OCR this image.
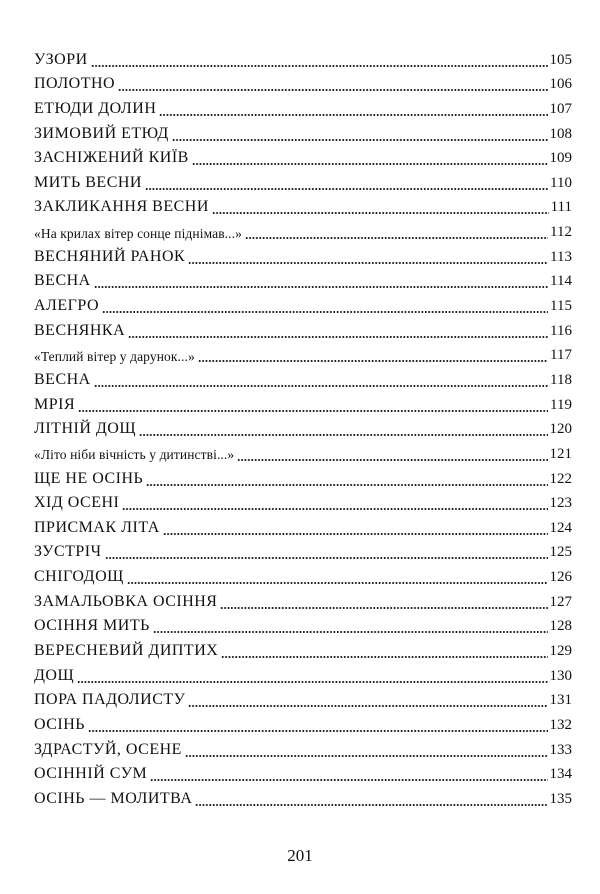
УЗОРИ	105
ПОЛОТНО	106
ЕТЮДИ ДОЛИН	107
ЗИМОВИЙ ЕТЮД	108
ЗАСНІЖЕНИЙ КИЇВ	109
МИТЬ ВЕСНИ	110
ЗАКЛИКАННЯ ВЕСНИ	111
«На крилах вітер сонце піднімав...»	112
ВЕСНЯНИЙ РАНОК	113
ВЕСНА	114
АЛЕГРО	115
ВЕСНЯНКА	116
«Теплий вітер у дарунок...»	117
ВЕСНА	118
МРІЯ	119
ЛІТНІЙ ДОЩ	120
«Літо ніби вічність у дитинстві...»	121
ЩЕ НЕ ОСІНЬ	122
ХІД ОСЕНІ	123
ПРИСМАК ЛІТА	124
ЗУСТРІЧ	125
СНІГОДОЩ	126
ЗАМАЛЬОВКА ОСІННЯ	127
ОСІННЯ МИТЬ	128
ВЕРЕСНЕВИЙ ДИПТИХ	129
ДОЩ	130
ПОРА ПАДОЛИСТУ	131
ОСІНЬ	132
ЗДРАСТУЙ, ОСЕНЕ	133
ОСІННІЙ СУМ	134
ОСІНЬ — МОЛИТВА	135
201
